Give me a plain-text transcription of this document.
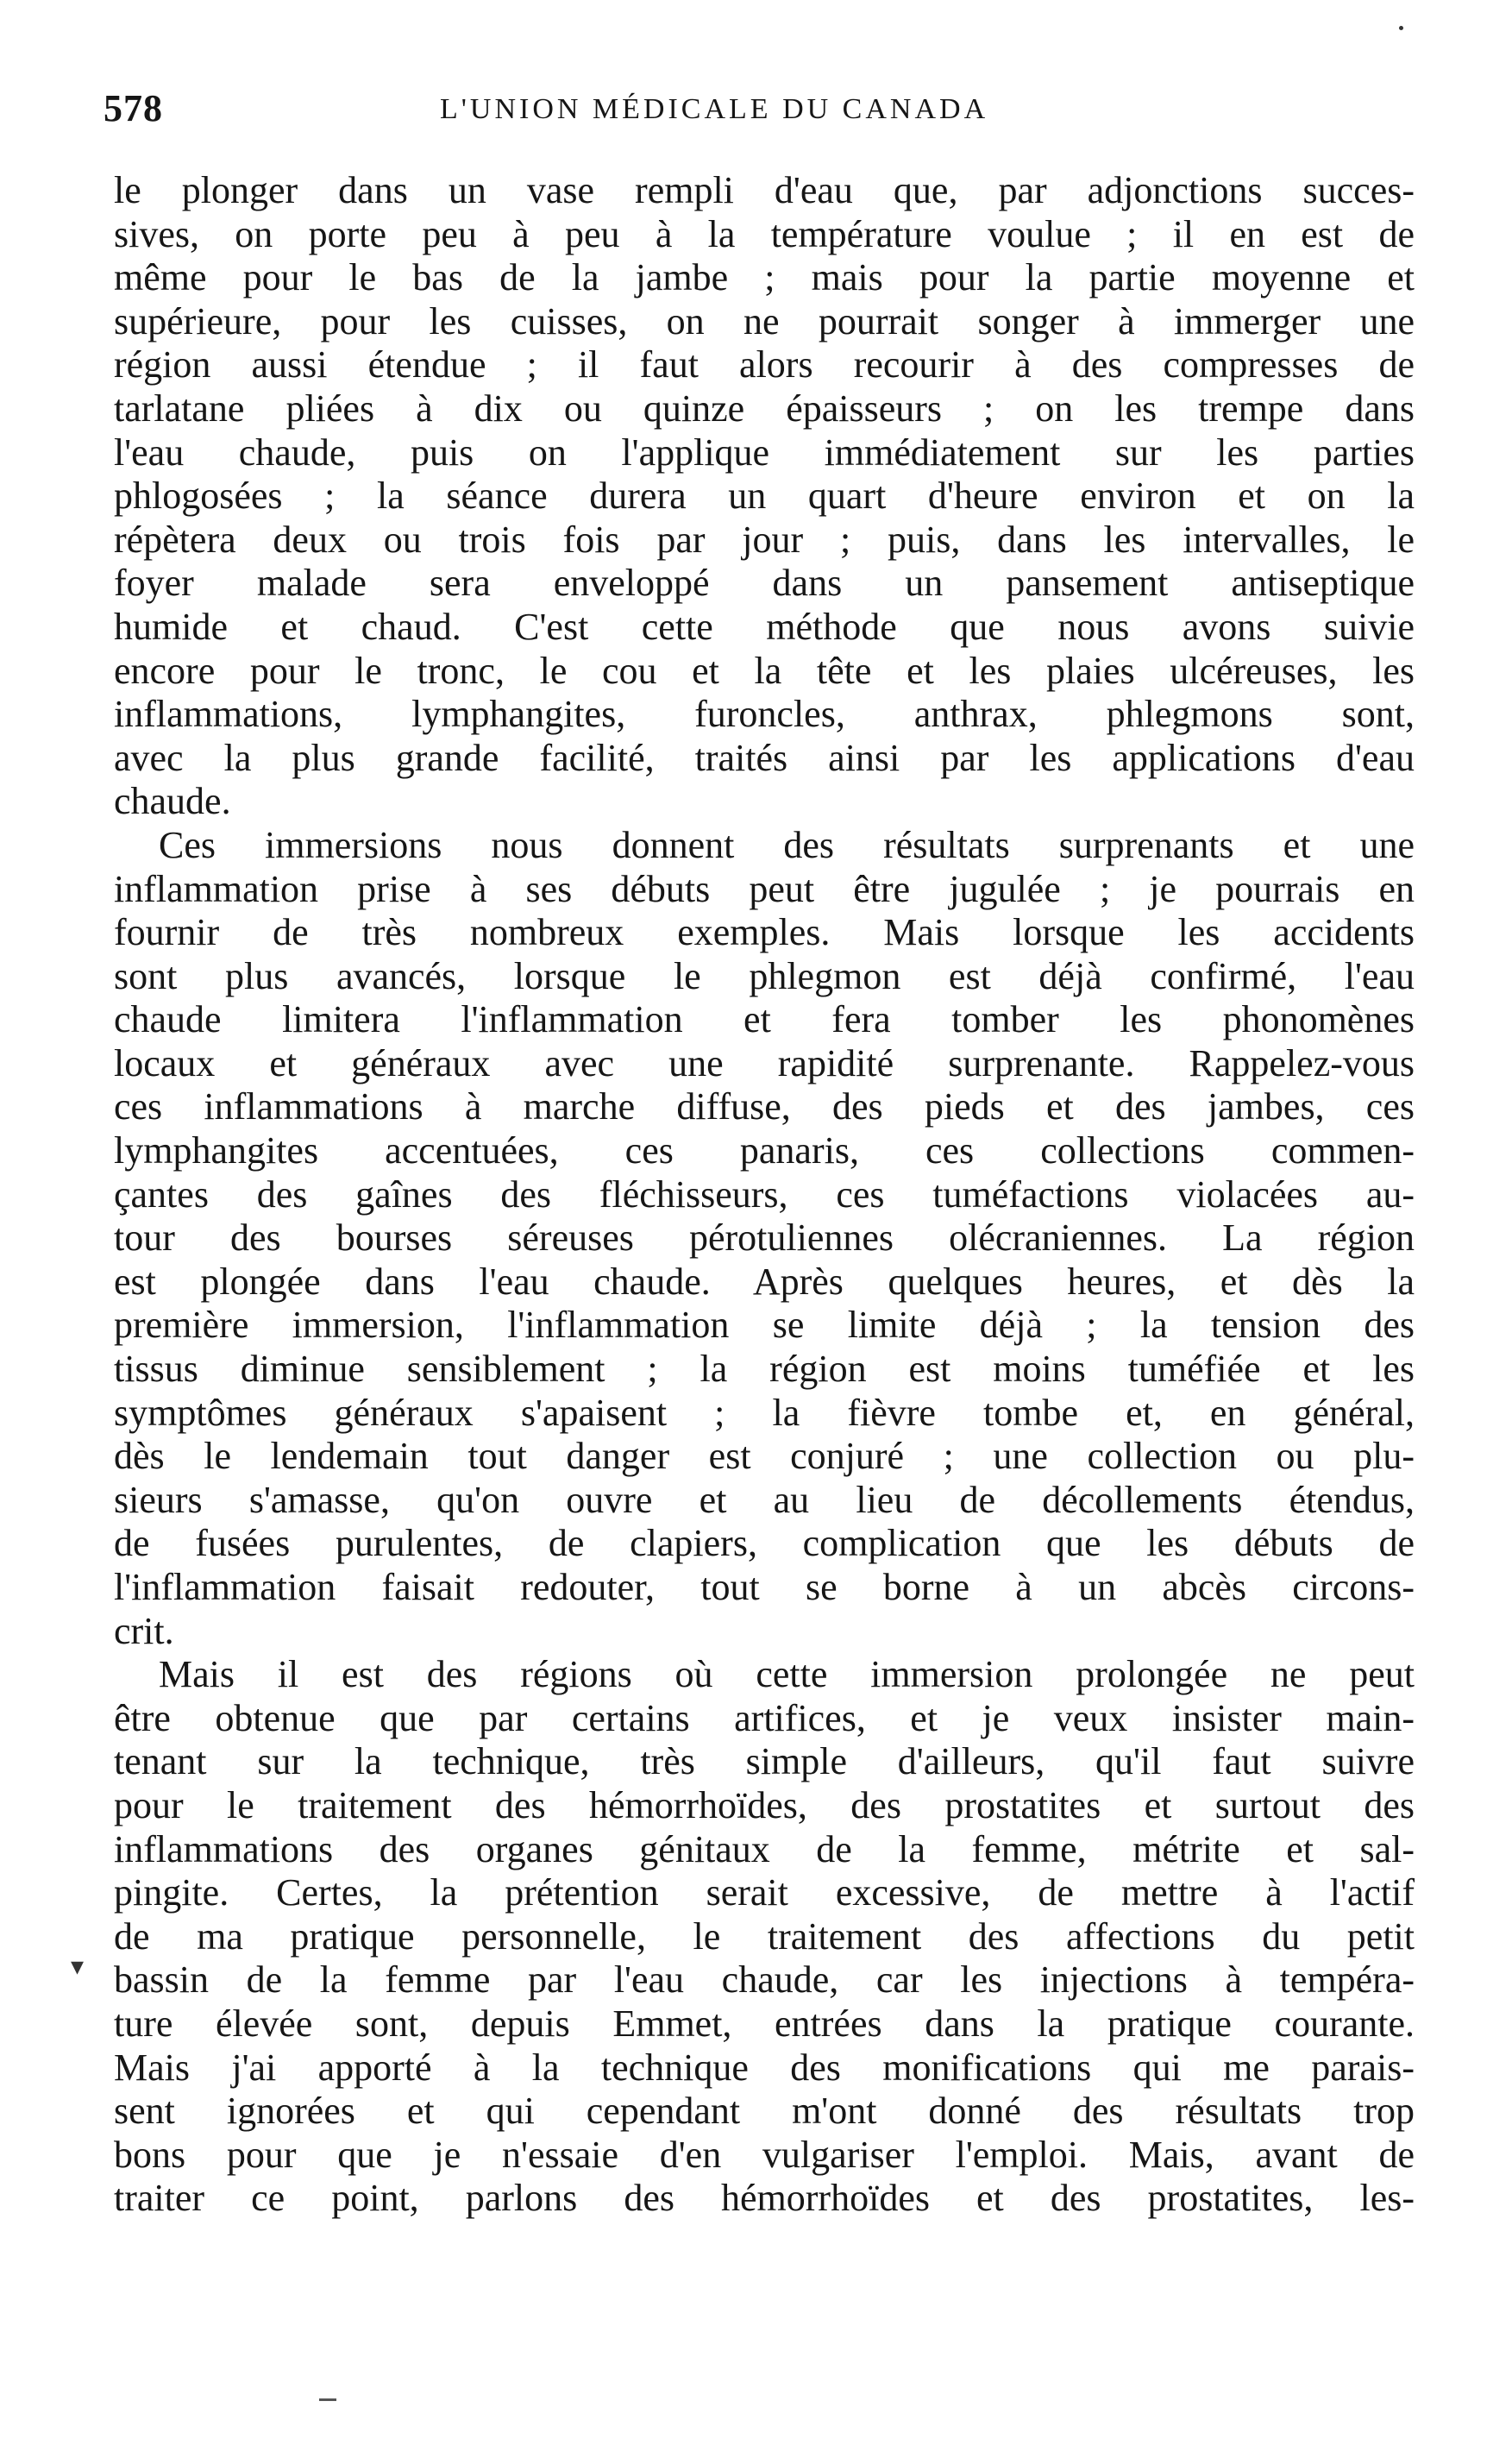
578	L'UNION MÉDICALE DU CANADA
▾
le plonger dans un vase rempli d'eau que, par adjonctions succes-
sives, on porte peu à peu à la température voulue ; il en est de
même pour le bas de la jambe ; mais pour la partie moyenne et
supérieure, pour les cuisses, on ne pourrait songer à immerger une
région aussi étendue ; il faut alors recourir à des compresses de
tarlatane pliées à dix ou quinze épaisseurs ; on les trempe dans
l'eau chaude, puis on l'applique immédiatement sur les parties
phlogosées ; la séance durera un quart d'heure environ et on la
répètera deux ou trois fois par jour ; puis, dans les intervalles, le
foyer malade sera enveloppé dans un pansement antiseptique
humide et chaud. C'est cette méthode que nous avons suivie
encore pour le tronc, le cou et la tête et les plaies ulcéreuses, les
inflammations, lymphangites, furoncles, anthrax, phlegmons sont,
avec la plus grande facilité, traités ainsi par les applications d'eau
chaude.
Ces immersions nous donnent des résultats surprenants et une
inflammation prise à ses débuts peut être jugulée ; je pourrais en
fournir de très nombreux exemples. Mais lorsque les accidents
sont plus avancés, lorsque le phlegmon est déjà confirmé, l'eau
chaude limitera l'inflammation et fera tomber les phonomènes
locaux et généraux avec une rapidité surprenante. Rappelez-vous
ces inflammations à marche diffuse, des pieds et des jambes, ces
lymphangites accentuées, ces panaris, ces collections commen-
çantes des gaînes des fléchisseurs, ces tuméfactions violacées au-
tour des bourses séreuses pérotuliennes olécraniennes. La région
est plongée dans l'eau chaude. Après quelques heures, et dès la
première immersion, l'inflammation se limite déjà ; la tension des
tissus diminue sensiblement ; la région est moins tuméfiée et les
symptômes généraux s'apaisent ; la fièvre tombe et, en général,
dès le lendemain tout danger est conjuré ; une collection ou plu-
sieurs s'amasse, qu'on ouvre et au lieu de décollements étendus,
de fusées purulentes, de clapiers, complication que les débuts de
l'inflammation faisait redouter, tout se borne à un abcès circons-
crit.
Mais il est des régions où cette immersion prolongée ne peut
être obtenue que par certains artifices, et je veux insister main-
tenant sur la technique, très simple d'ailleurs, qu'il faut suivre
pour le traitement des hémorrhoïdes, des prostatites et surtout des
inflammations des organes génitaux de la femme, métrite et sal-
pingite. Certes, la prétention serait excessive, de mettre à l'actif
de ma pratique personnelle, le traitement des affections du petit
bassin de la femme par l'eau chaude, car les injections à tempéra-
ture élevée sont, depuis Emmet, entrées dans la pratique courante.
Mais j'ai apporté à la technique des monifications qui me parais-
sent ignorées et qui cependant m'ont donné des résultats trop
bons pour que je n'essaie d'en vulgariser l'emploi. Mais, avant de
traiter ce point, parlons des hémorrhoïdes et des prostatites, les-
